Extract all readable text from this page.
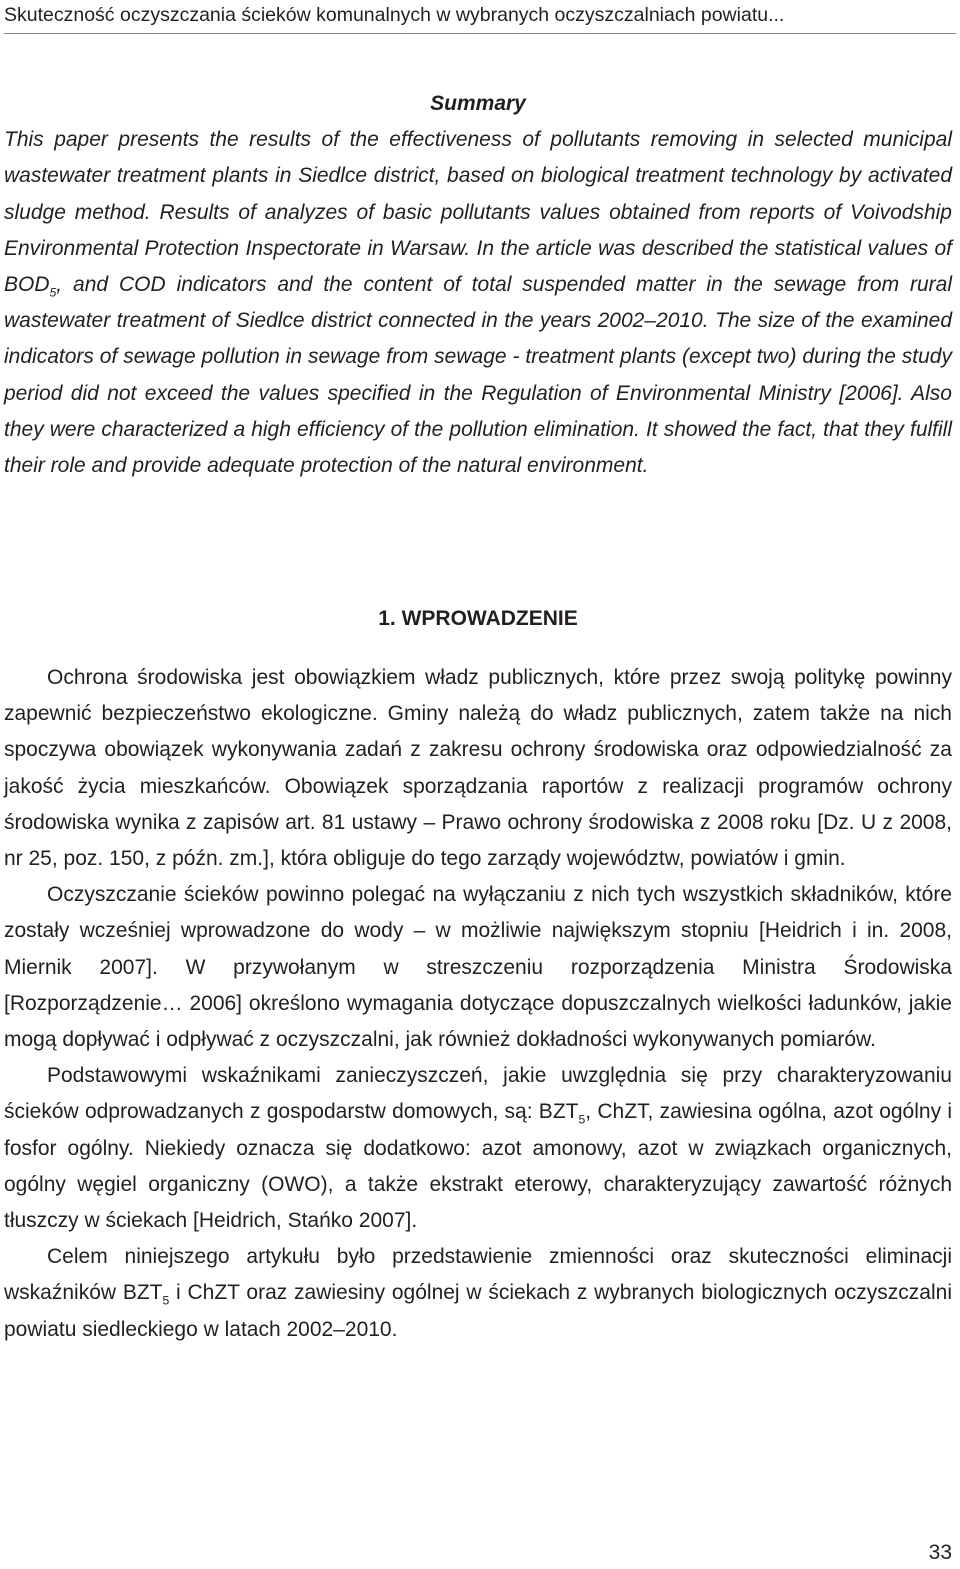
Skuteczność oczyszczania ścieków komunalnych w wybranych oczyszczalniach powiatu...

Summary

This paper presents the results of the effectiveness of pollutants removing in selected municipal wastewater treatment plants in Siedlce district, based on biological treatment technology by activated sludge method. Results of analyzes of basic pollutants values obtained from reports of Voivodship Environmental Protection Inspectorate in Warsaw. In the article was described the statistical values of $BOD_5$, and COD indicators and the content of total suspended matter in the sewage from rural wastewater treatment of Siedlce district connected in the years 2002–2010. The size of the examined indicators of sewage pollution in sewage from sewage - treatment plants (except two) during the study period did not exceed the values specified in the Regulation of Environmental Ministry [2006]. Also they were characterized a high efficiency of the pollution elimination. It showed the fact, that they fulfill their role and provide adequate protection of the natural environment.

1. WPROWADZENIE

Ochrona środowiska jest obowiązkiem władz publicznych, które przez swoją politykę powinny zapewnić bezpieczeństwo ekologiczne. Gminy należą do władz publicznych, zatem także na nich spoczywa obowiązek wykonywania zadań z zakresu ochrony środowiska oraz odpowiedzialność za jakość życia mieszkańców. Obowiązek sporządzania raportów z realizacji programów ochrony środowiska wynika z zapisów art. 81 ustawy – Prawo ochrony środowiska z 2008 roku [Dz. U z 2008, nr 25, poz. 150, z późn. zm.], która obliguje do tego zarządy województw, powiatów i gmin.

Oczyszczanie ścieków powinno polegać na wyłączaniu z nich tych wszystkich składników, które zostały wcześniej wprowadzone do wody – w możliwie największym stopniu [Heidrich i in. 2008, Miernik 2007]. W przywołanym w streszczeniu rozporządzenia Ministra Środowiska [Rozporządzenie… 2006] określono wymagania dotyczące dopuszczalnych wielkości ładunków, jakie mogą dopływać i odpływać z oczyszczalni, jak również dokładności wykonywanych pomiarów.

Podstawowymi wskaźnikami zanieczyszczeń, jakie uwzględnia się przy charakteryzowaniu ścieków odprowadzanych z gospodarstw domowych, są: $BZT_5$, ChZT, zawiesina ogólna, azot ogólny i fosfor ogólny. Niekiedy oznacza się dodatkowo: azot amonowy, azot w związkach organicznych, ogólny węgiel organiczny (OWO), a także ekstrakt eterowy, charakteryzujący zawartość różnych tłuszczy w ściekach [Heidrich, Stańko 2007].

Celem niniejszego artykułu było przedstawienie zmienności oraz skuteczności eliminacji wskaźników $BZT_5$ i ChZT oraz zawiesiny ogólnej w ściekach z wybranych biologicznych oczyszczalni powiatu siedleckiego w latach 2002–2010.

33
